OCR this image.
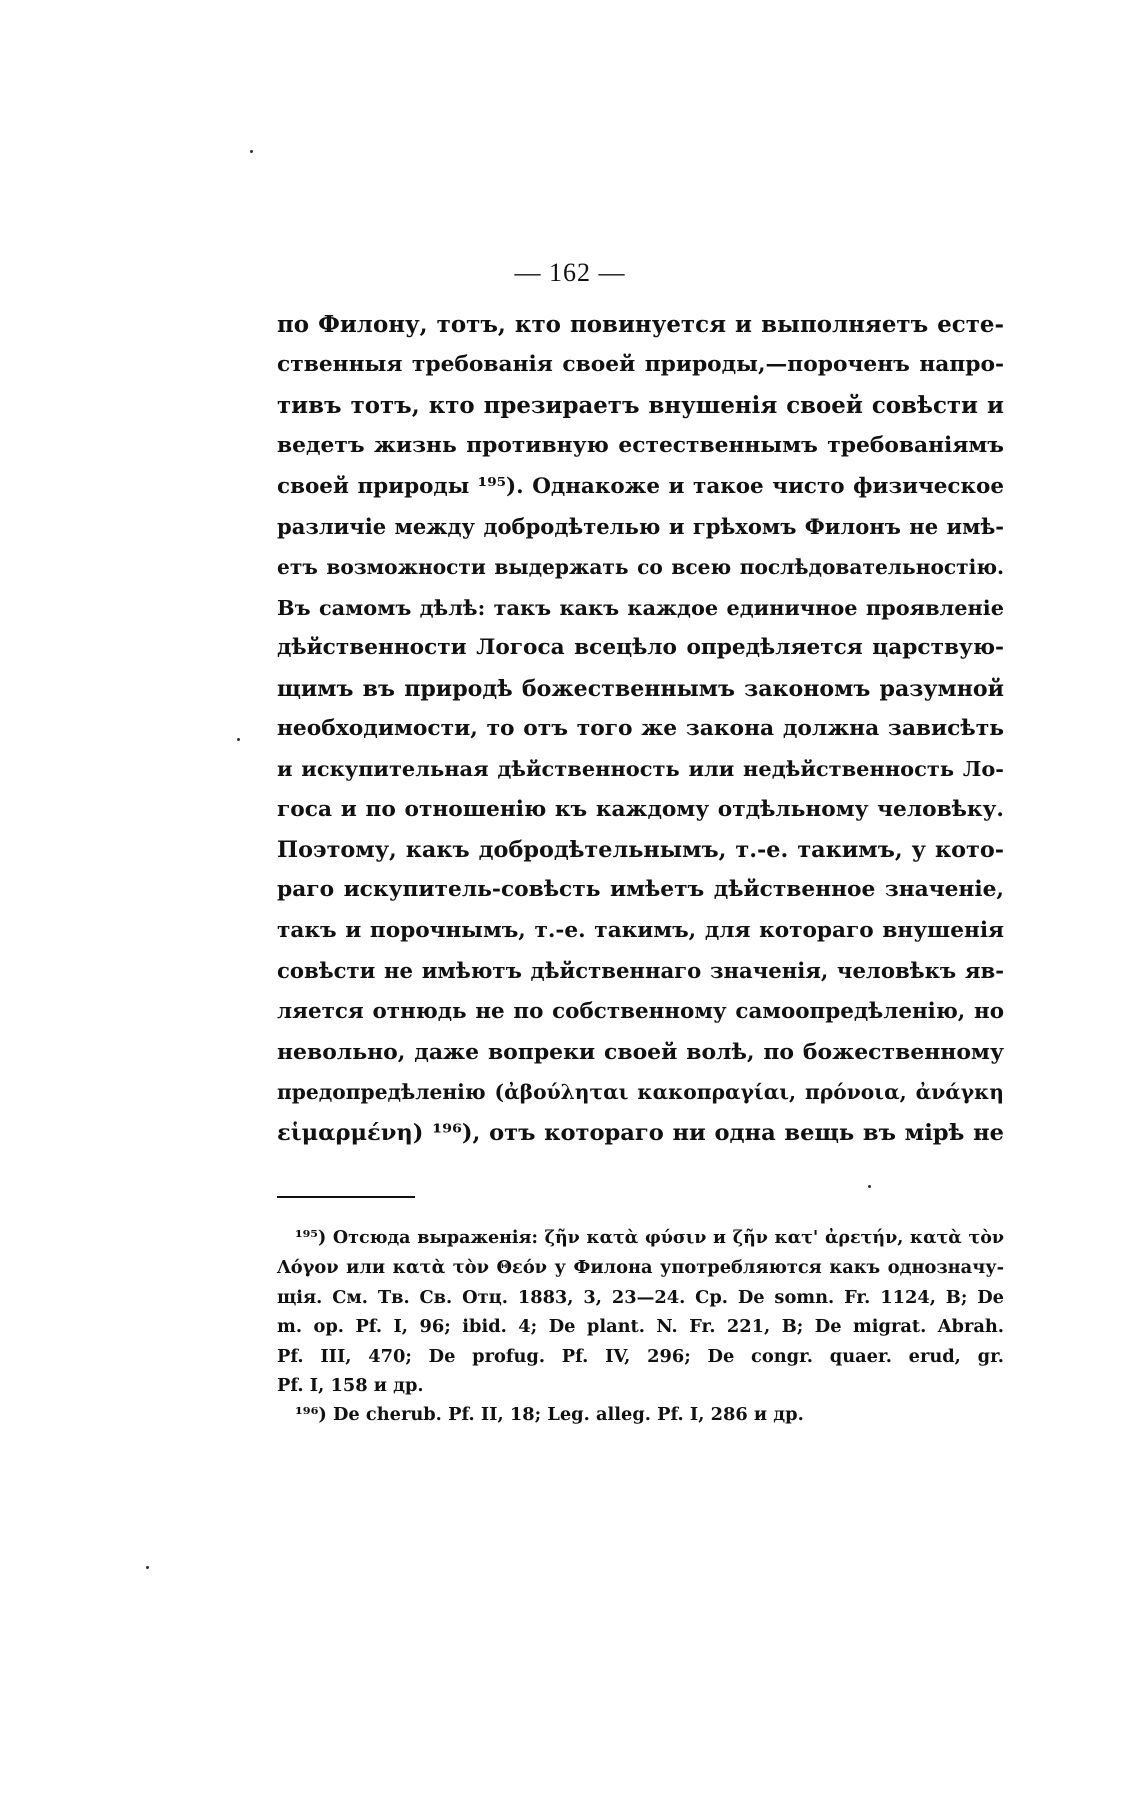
— 162 —
по Филону, тотъ, кто повинуется и выполняетъ есте-
ственныя требованія своей природы,—пороченъ напро-
тивъ тотъ, кто презираетъ внушенія своей совѣсти и
ведетъ жизнь противную естественнымъ требованіямъ
своей природы ¹⁹⁵). Однакоже и такое чисто физическое
различіе между добродѣтелью и грѣхомъ Филонъ не имѣ-
етъ возможности выдержать со всею послѣдовательностію.
Въ самомъ дѣлѣ: такъ какъ каждое единичное проявленіе
дѣйственности Логоса всецѣло опредѣляется царствую-
щимъ въ природѣ божественнымъ закономъ разумной
необходимости, то отъ того же закона должна зависѣть
и искупительная дѣйственность или недѣйственность Ло-
госа и по отношенію къ каждому отдѣльному человѣку.
Поэтому, какъ добродѣтельнымъ, т.-е. такимъ, у кото-
раго искупитель-совѣсть имѣетъ дѣйственное значеніе,
такъ и порочнымъ, т.-е. такимъ, для котораго внушенія
совѣсти не имѣютъ дѣйственнаго значенія, человѣкъ яв-
ляется отнюдь не по собственному самоопредѣленію, но
невольно, даже вопреки своей волѣ, по божественному
предопредѣленію (ἀβούληται κακοπραγίαι, πρόνοια, ἀνάγκη
εἱμαρμένη) ¹⁹⁶), отъ котораго ни одна вещь въ мірѣ не
¹⁹⁵) Отсюда выраженія: ζῆν κατὰ φύσιν и ζῆν κατ' ἀρετήν, κατὰ τὸν
Λόγον или κατὰ τὸν Θεόν у Филона употребляются какъ однозначу-
щія. См. Тв. Св. Отц. 1883, 3, 23—24. Ср. De somn. Fr. 1124, B; De
m. op. Pf. I, 96; ibid. 4; De plant. N. Fr. 221, B; De migrat. Abrah.
Pf. III, 470; De profug. Pf. IV, 296; De congr. quaer. erud, gr.
Pf. I, 158 и др.
¹⁹⁶) De cherub. Pf. II, 18; Leg. alleg. Pf. I, 286 и др.
